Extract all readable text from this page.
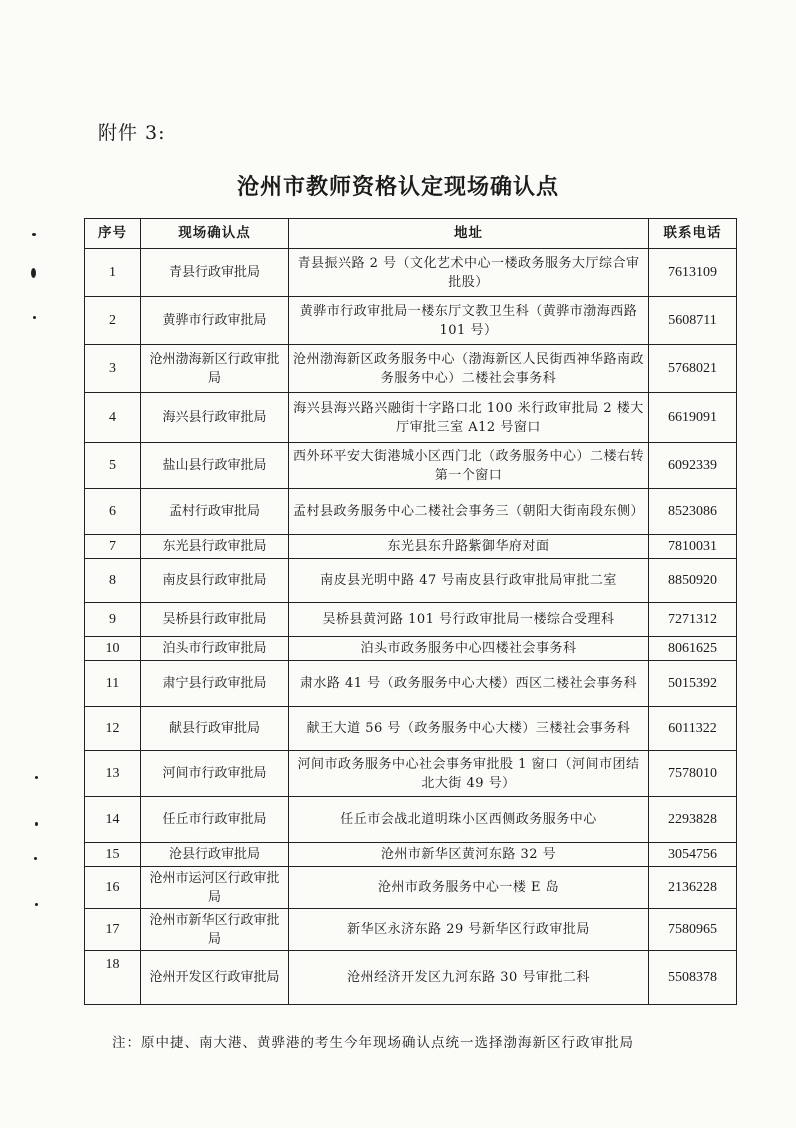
附件 3:
沧州市教师资格认定现场确认点
序号	现场确认点	地址	联系电话
1	青县行政审批局	青县振兴路 2 号（文化艺术中心一楼政务服务大厅综合审批股）	7613109
2	黄骅市行政审批局	黄骅市行政审批局一楼东厅文教卫生科（黄骅市渤海西路 101 号）	5608711
3	沧州渤海新区行政审批局	沧州渤海新区政务服务中心（渤海新区人民街西神华路南政务服务中心）二楼社会事务科	5768021
4	海兴县行政审批局	海兴县海兴路兴融街十字路口北 100 米行政审批局 2 楼大厅审批三室 A12 号窗口	6619091
5	盐山县行政审批局	西外环平安大街港城小区西门北（政务服务中心）二楼右转第一个窗口	6092339
6	孟村行政审批局	孟村县政务服务中心二楼社会事务三（朝阳大街南段东侧）	8523086
7	东光县行政审批局	东光县东升路紫御华府对面	7810031
8	南皮县行政审批局	南皮县光明中路 47 号南皮县行政审批局审批二室	8850920
9	吴桥县行政审批局	吴桥县黄河路 101 号行政审批局一楼综合受理科	7271312
10	泊头市行政审批局	泊头市政务服务中心四楼社会事务科	8061625
11	肃宁县行政审批局	肃水路 41 号（政务服务中心大楼）西区二楼社会事务科	5015392
12	献县行政审批局	献王大道 56 号（政务服务中心大楼）三楼社会事务科	6011322
13	河间市行政审批局	河间市政务服务中心社会事务审批股 1 窗口（河间市团结北大街 49 号）	7578010
14	任丘市行政审批局	任丘市会战北道明珠小区西侧政务服务中心	2293828
15	沧县行政审批局	沧州市新华区黄河东路 32 号	3054756
16	沧州市运河区行政审批局	沧州市政务服务中心一楼 E 岛	2136228
17	沧州市新华区行政审批局	新华区永济东路 29 号新华区行政审批局	7580965
18	沧州开发区行政审批局	沧州经济开发区九河东路 30 号审批二科	5508378
注：原中捷、南大港、黄骅港的考生今年现场确认点统一选择渤海新区行政审批局
